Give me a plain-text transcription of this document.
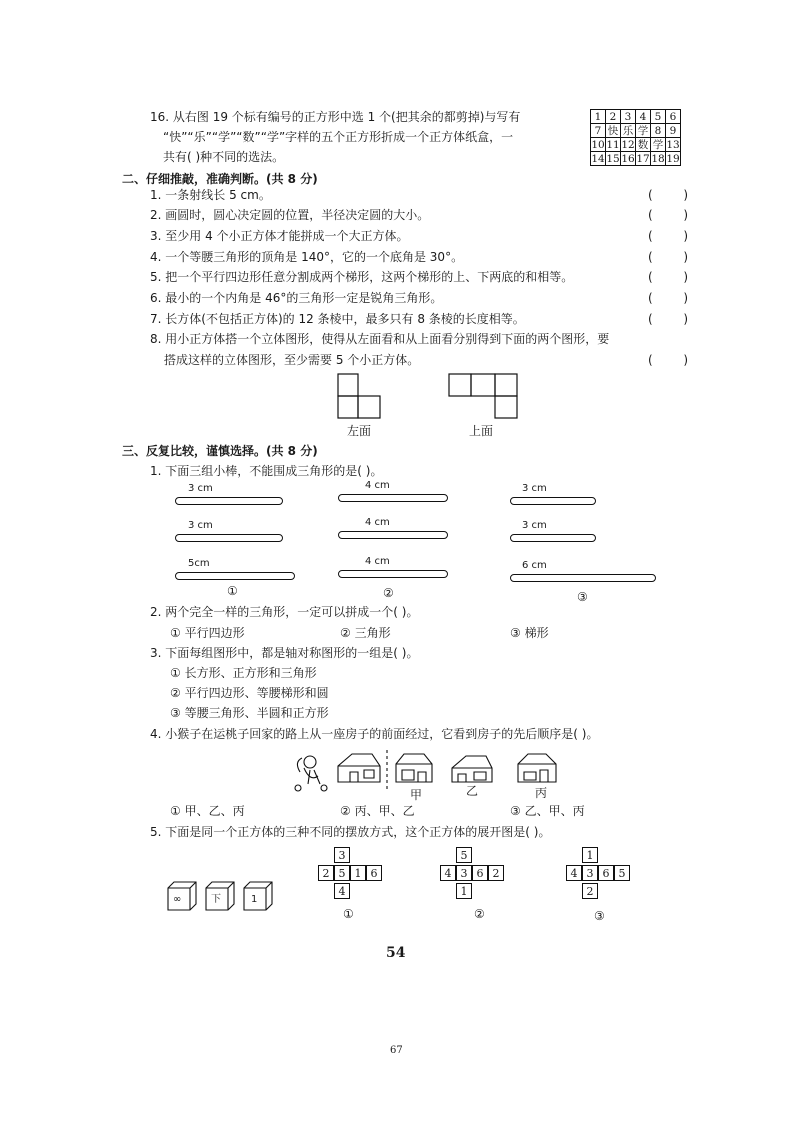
16. 从右图 19 个标有编号的正方形中选 1 个(把其余的都剪掉)与写有
“快”“乐”“学”“数”“学”字样的五个正方形折成一个正方体纸盒，一
共有( )种不同的选法。
1	2	3	4	5	6
7	快	乐	学	8	9
10	11	12	数	学	13
14	15	16	17	18	19
二、仔细推敲，准确判断。(共 8 分)
1. 一条射线长 5 cm。	(	)
2. 画圆时，圆心决定圆的位置，半径决定圆的大小。	(	)
3. 至少用 4 个小正方体才能拼成一个大正方体。	(	)
4. 一个等腰三角形的顶角是 140°，它的一个底角是 30°。	(	)
5. 把一个平行四边形任意分割成两个梯形，这两个梯形的上、下两底的和相等。	(	)
6. 最小的一个内角是 46°的三角形一定是锐角三角形。	(	)
7. 长方体(不包括正方体)的 12 条棱中，最多只有 8 条棱的长度相等。	(	)
8. 用小正方体搭一个立体图形，使得从左面看和从上面看分别得到下面的两个图形，要
搭成这样的立体图形，至少需要 5 个小正方体。	(	)
左面	上面
三、反复比较，谨慎选择。(共 8 分)
1. 下面三组小棒，不能围成三角形的是( )。
3 cm
3 cm
5cm
4 cm
4 cm
4 cm
3 cm
3 cm
6 cm
①	②	③
2. 两个完全一样的三角形，一定可以拼成一个( )。
① 平行四边形	② 三角形	③ 梯形
3. 下面每组图形中，都是轴对称图形的一组是( )。
① 长方形、正方形和三角形
② 平行四边形、等腰梯形和圆
③ 等腰三角形、半圆和正方形
4. 小猴子在运桃子回家的路上从一座房子的前面经过，它看到房子的先后顺序是( )。
甲	乙	丙
① 甲、乙、丙	② 丙、甲、乙	③ 乙、甲、丙
5. 下面是同一个正方体的三种不同的摆放方式，这个正方体的展开图是( )。
∞	下	1
3
2 5 1 6
4
5
4 3 6 2
1
1
4 3 6 5
2
①	②	③
54
67
